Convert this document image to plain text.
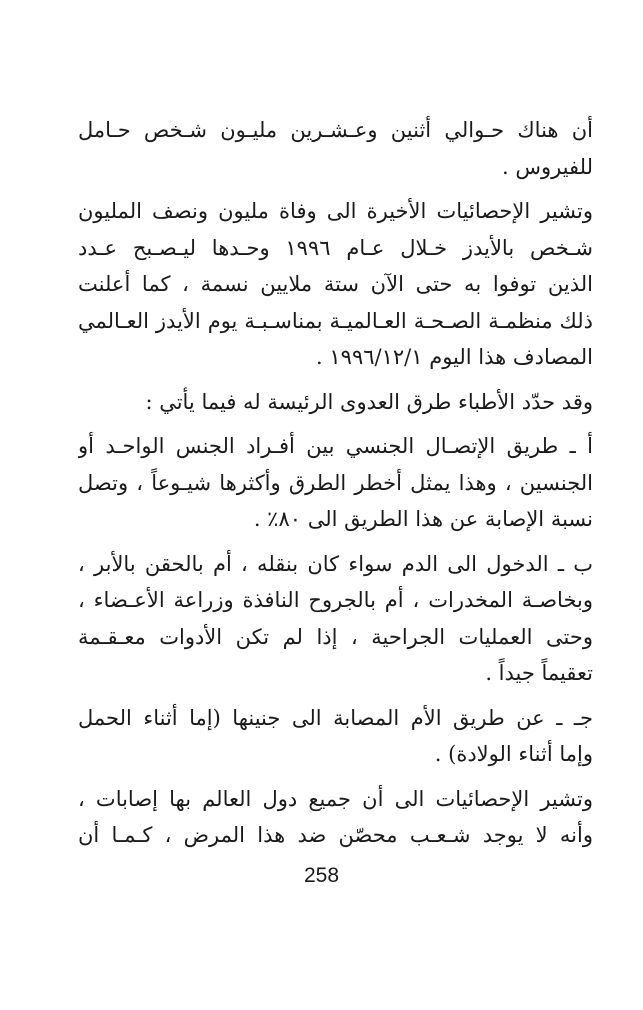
أن هناك حـوالي أثنين وعـشـرين مليـون شـخص حـامل
للفيروس .
وتشير الإحصائيات الأخيرة الى وفاة مليون ونصف المليون
شـخص بالأيدز خـلال عـام ١٩٩٦ وحـدها ليـصـبح عـدد
الذين توفوا به حتى الآن ستة ملايين نسمة ، كما أعلنت
ذلك منظمـة الصـحـة العـالميـة بمناسـبـة يوم الأيدز العـالمي
المصادف هذا اليوم ١٩٩٦/١٢/١ .
وقد حدّد الأطباء طرق العدوى الرئيسة له فيما يأتي :
أ ـ طريق الإتصـال الجنسي بين أفـراد الجنس الواحـد أو
الجنسين ، وهذا يمثل أخطر الطرق وأكثرها شيـوعاً ، وتصل
نسبة الإصابة عن هذا الطريق الى ٨٠٪ .
ب ـ الدخول الى الدم سواء كان بنقله ، أم بالحقن بالأبر ،
وبخاصـة المخدرات ، أم بالجروح النافذة وزراعة الأعـضاء ،
وحتى العمليات الجراحية ، إذا لم تكن الأدوات معـقـمة
تعقيماً جيداً .
جـ ـ عن طريق الأم المصابة الى جنينها (إما أثناء الحمل
وإما أثناء الولادة) .
وتشير الإحصائيات الى أن جميع دول العالم بها إصابات ،
وأنه لا يوجد شـعـب محصّن ضد هذا المرض ، كـمـا أن
258
